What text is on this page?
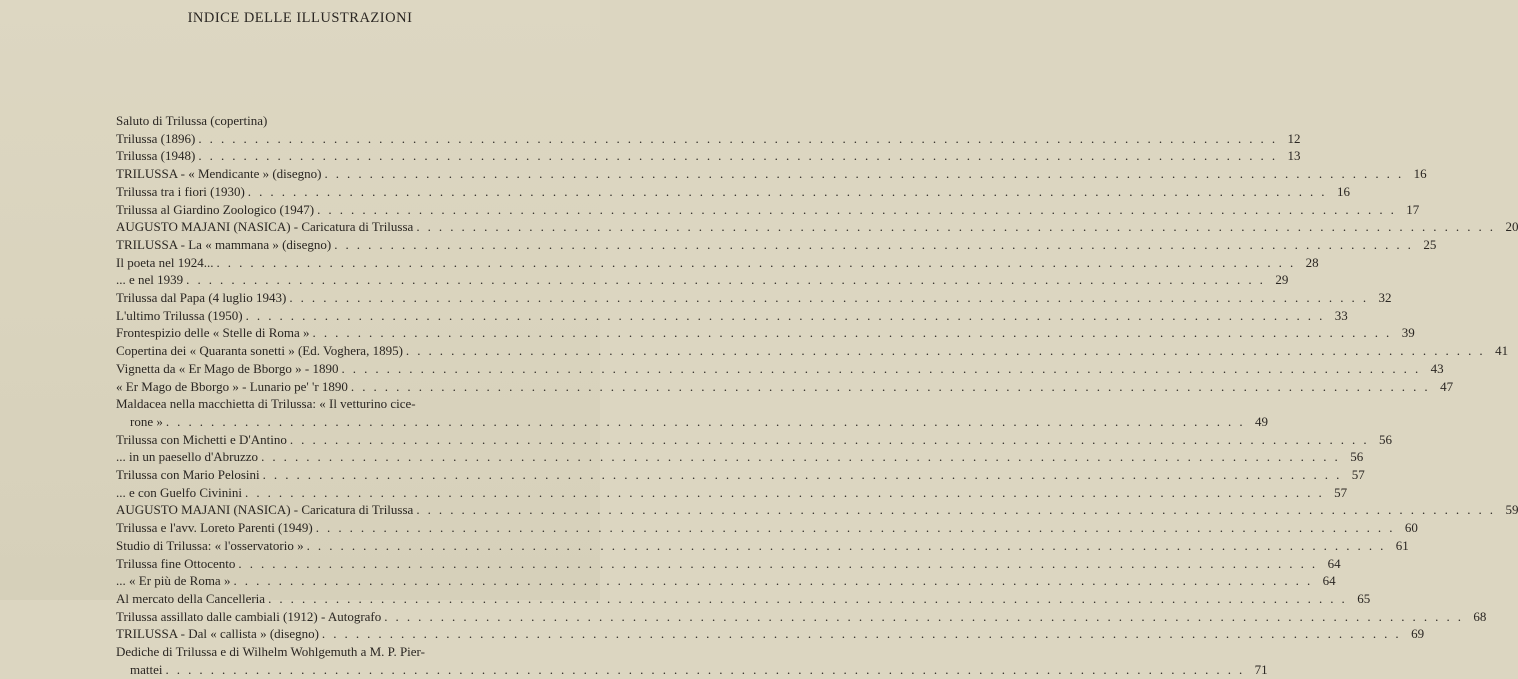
INDICE DELLE ILLUSTRAZIONI
Saluto di Trilussa (copertina)
Trilussa (1896) . . .	12
Trilussa (1948) . . .	13
TRILUSSA - « Mendicante » (disegno) . . .	16
Trilussa tra i fiori (1930) . . .	16
Trilussa al Giardino Zoologico (1947) . . .	17
AUGUSTO MAJANI (NASICA) - Caricatura di Trilussa . . .	20
TRILUSSA - La « mammana » (disegno) . . .	25
Il poeta nel 1924... . . .	28
... e nel 1939 . . .	29
Trilussa dal Papa (4 luglio 1943) . . .	32
L'ultimo Trilussa (1950) . . .	33
Frontespizio delle « Stelle di Roma » . . .	39
Copertina dei « Quaranta sonetti » (Ed. Voghera, 1895) . . .	41
Vignetta da « Er Mago de Bborgo » - 1890 . . .	43
« Er Mago de Bborgo » - Lunario pe' 'r 1890 . . .	47
Maldacea nella macchietta di Trilussa: « Il vetturino cice-
rone » . . .	49
Trilussa con Michetti e D'Antino . . .	56
... in un paesello d'Abruzzo . . .	56
Trilussa con Mario Pelosini . . .	57
... e con Guelfo Civinini . . .	57
AUGUSTO MAJANI (NASICA) - Caricatura di Trilussa . . .	59
Trilussa e l'avv. Loreto Parenti (1949) . . .	60
Studio di Trilussa: « l'osservatorio » . . .	61
Trilussa fine Ottocento . . .	64
... « Er più de Roma » . . .	64
Al mercato della Cancelleria . . .	65
Trilussa assillato dalle cambiali (1912) - Autografo . . .	68
TRILUSSA - Dal « callista » (disegno) . . .	69
Dediche di Trilussa e di Wilhelm Wohlgemuth a M. P. Pier-
mattei . . .	71
